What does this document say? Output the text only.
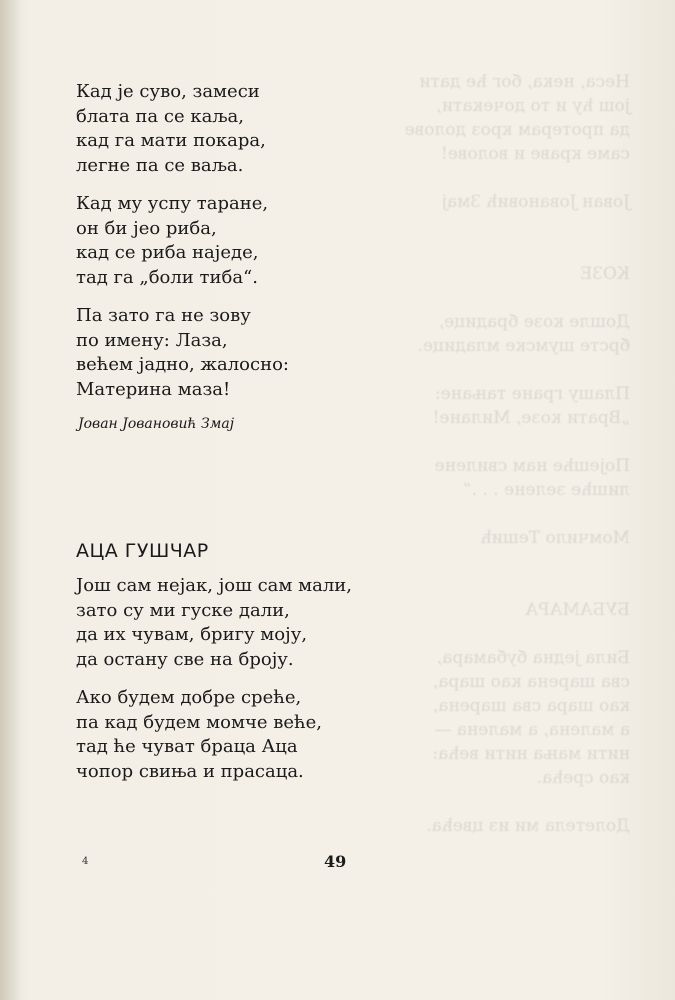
Неса, нека, бог ће дати
још ћу и то дочекати,
да протерам кроз долове
саме краве и волове!
Јован Јовановић Змај
КОЗЕ
Дошле козе брадице,
брсте шумске младице.
Плашу гране тањане:
„Врати козе, Милане!
Појешће нам свилене
лишће зелене . . .“
Момчило Тешић
БУБАМАРА
Била једна бубамара,
сва шарена као шара,
као шара сва шарена,
а малена, а малена —
нити мања нити већа:
као срећа.
Долетела ми из цвећа.
Кад је суво, замеси
блата па се каља,
кад га мати покара,
легне па се ваља.
Кад му успу таране,
он би јео риба,
кад се риба наједе,
тад га „боли тиба“.
Па зато га не зову
по имену: Лаза,
већем јадно, жалосно:
Материна маза!
Јован Јовановић Змај
АЦА ГУШЧАР
Још сам нејак, још сам мали,
зато су ми гуске дали,
да их чувам, бригу моју,
да остану све на броју.
Ако будем добре среће,
па кад будем момче веће,
тад ће чуват браца Аца
чопор свиња и прасаца.
4	49
